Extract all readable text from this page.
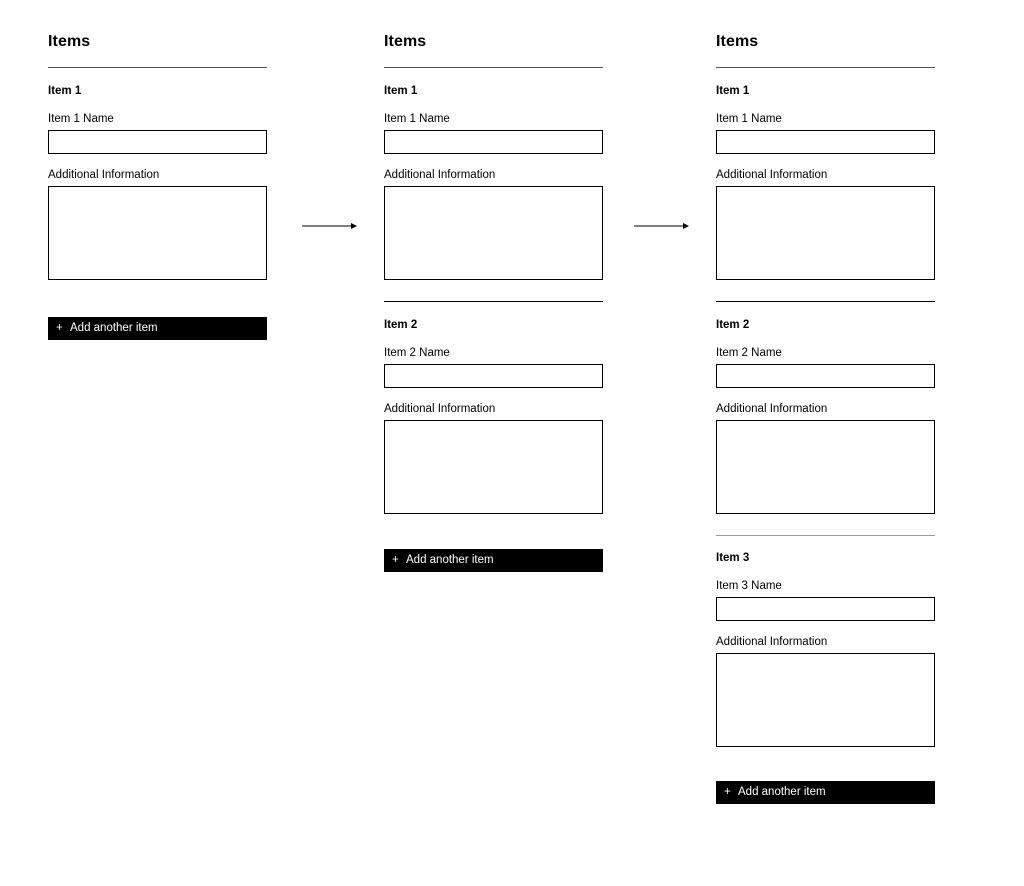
Items
Item 1
Item 1 Name
Additional Information
+ Add another item
Items
Item 1
Item 1 Name
Additional Information
Item 2
Item 2 Name
Additional Information
+ Add another item
Items
Item 1
Item 1 Name
Additional Information
Item 2
Item 2 Name
Additional Information
Item 3
Item 3 Name
Additional Information
+ Add another item
